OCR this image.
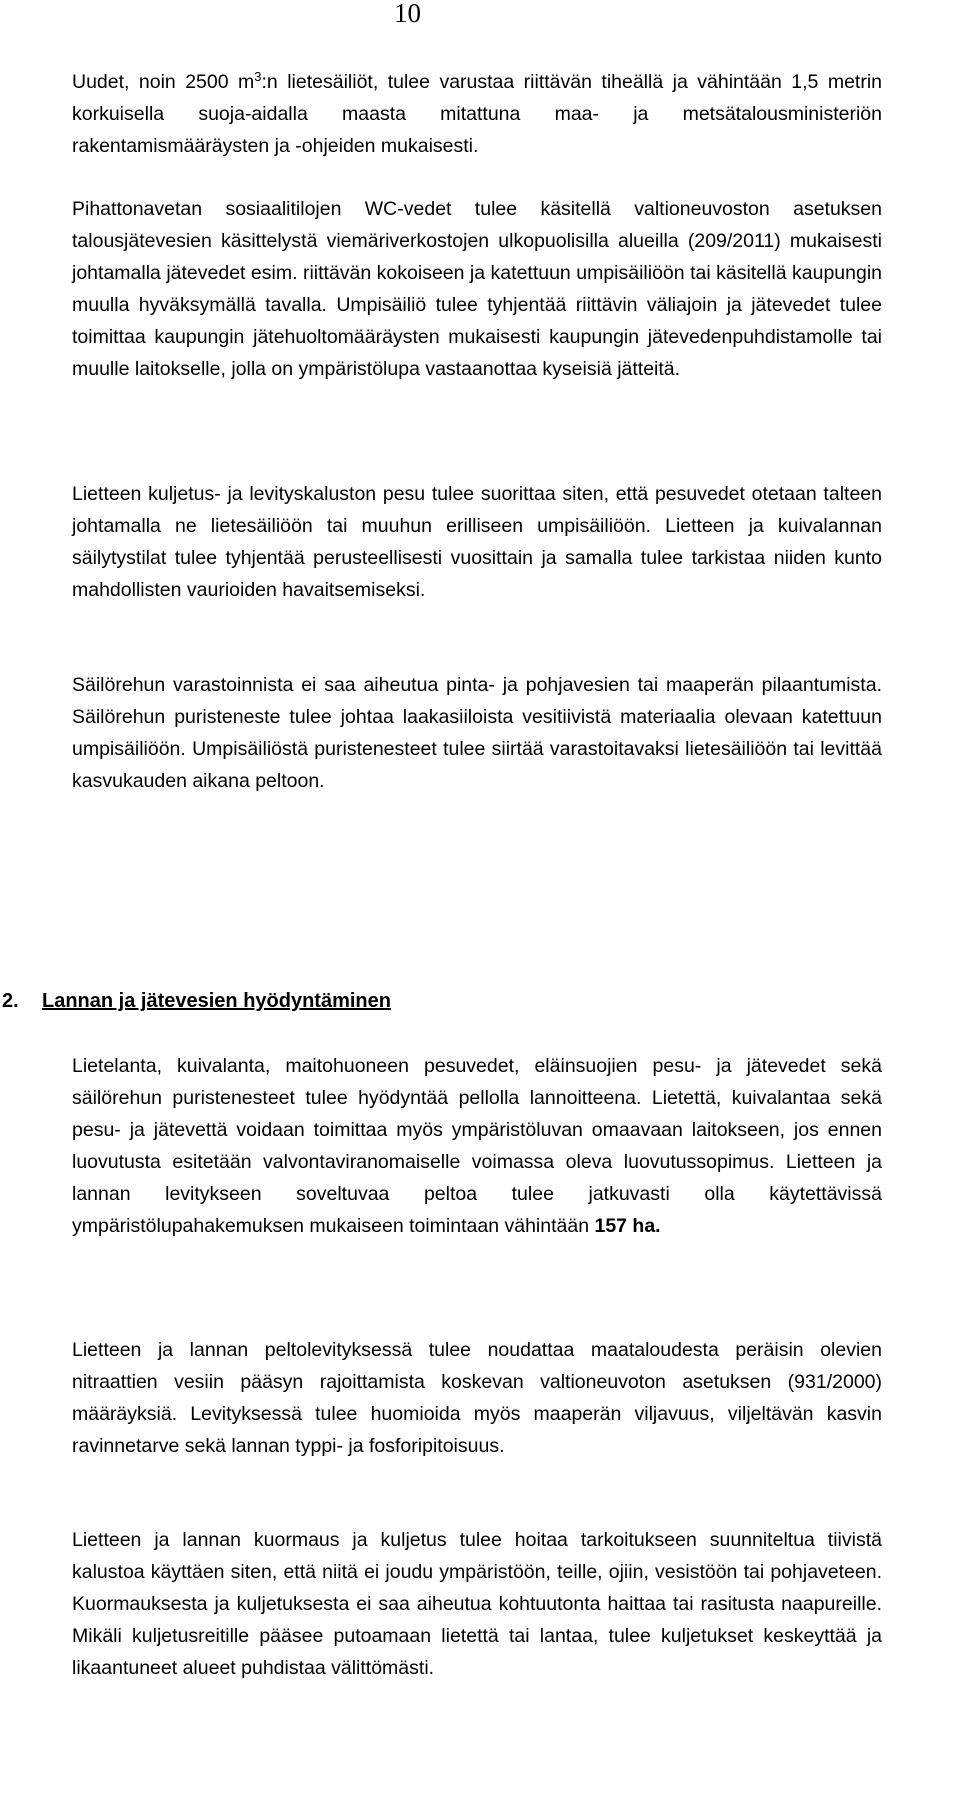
10

Uudet, noin 2500 $m^3:n$ lietesäiliöt, tulee varustaa riittävän tiheällä ja vähintään 1,5 metrin korkuisella suoja-aidalla maasta mitattuna maa- ja metsätalousministeriön rakentamismääräysten ja -ohjeiden mukaisesti.

Pihattonavetan sosiaalitilojen WC-vedet tulee käsitellä valtioneuvoston asetuksen talousjätevesien käsittelystä viemäriverkostojen ulkopuolisilla alueilla (209/2011) mukaisesti johtamalla jätevedet esim. riittävän kokoiseen ja katettuun umpisäiliöön tai käsitellä kaupungin muulla hyväksymällä tavalla. Umpisäiliö tulee tyhjentää riittävin väliajoin ja jätevedet tulee toimittaa kaupungin jätehuoltomääräysten mukaisesti kaupungin jätevedenpuhdistamolle tai muulle laitokselle, jolla on ympäristölupa vastaanottaa kyseisiä jätteitä.

Lietteen kuljetus- ja levityskaluston pesu tulee suorittaa siten, että pesuvedet otetaan talteen johtamalla ne lietesäiliöön tai muuhun erilliseen umpisäiliöön. Lietteen ja kuivalannan säilytystilat tulee tyhjentää perusteellisesti vuosittain ja samalla tulee tarkistaa niiden kunto mahdollisten vaurioiden havaitsemiseksi.

Säilörehun varastoinnista ei saa aiheutua pinta- ja pohjavesien tai maaperän pilaantumista. Säilörehun puristeneste tulee johtaa laakasiiloista vesitiivistä materiaalia olevaan katettuun umpisäiliöön. Umpisäiliöstä puristenesteet tulee siirtää varastoitavaksi lietesäiliöön tai levittää kasvukauden aikana peltoon.

2. Lannan ja jätevesien hyödyntäminen

Lietelanta, kuivalanta, maitohuoneen pesuvedet, eläinsuojien pesu- ja jätevedet sekä säilörehun puristenesteet tulee hyödyntää pellolla lannoitteena. Lietettä, kuivalantaa sekä pesu- ja jätevettä voidaan toimittaa myös ympäristöluvan omaavaan laitokseen, jos ennen luovutusta esitetään valvontaviranomaiselle voimassa oleva luovutussopimus. Lietteen ja lannan levitykseen soveltuvaa peltoa tulee jatkuvasti olla käytettävissä ympäristölupahakemuksen mukaiseen toimintaan vähintään 157 ha.

Lietteen ja lannan peltolevityksessä tulee noudattaa maataloudesta peräisin olevien nitraattien vesiin pääsyn rajoittamista koskevan valtioneuvoton asetuksen (931/2000) määräyksiä. Levityksessä tulee huomioida myös maaperän viljavuus, viljeltävän kasvin ravinnetarve sekä lannan typpi- ja fosforipitoisuus.

Lietteen ja lannan kuormaus ja kuljetus tulee hoitaa tarkoitukseen suunniteltua tiivistä kalustoa käyttäen siten, että niitä ei joudu ympäristöön, teille, ojiin, vesistöön tai pohjaveteen. Kuormauksesta ja kuljetuksesta ei saa aiheutua kohtuutonta haittaa tai rasitusta naapureille. Mikäli kuljetusreitille pääsee putoamaan lietettä tai lantaa, tulee kuljetukset keskeyttää ja likaantuneet alueet puhdistaa välittömästi.
